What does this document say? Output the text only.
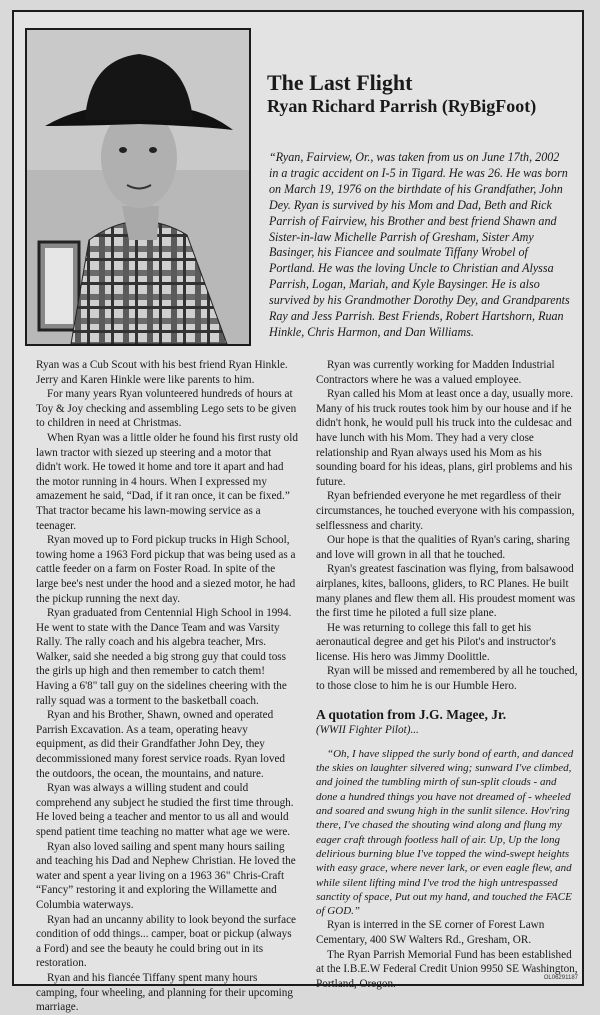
The Last Flight
Ryan Richard Parrish (RyBigFoot)

“Ryan, Fairview, Or., was taken from us on June 17th, 2002 in a tragic accident on I-5 in Tigard. He was 26. He was born on March 19, 1976 on the birthdate of his Grandfather, John Dey. Ryan is survived by his Mom and Dad, Beth and Rick Parrish of Fairview, his Brother and best friend Shawn and Sister-in-law Michelle Parrish of Gresham, Sister Amy Basinger, his Fiancee and soulmate Tiffany Wrobel of Portland. He was the loving Uncle to Christian and Alyssa Parrish, Logan, Mariah, and Kyle Baysinger. He is also survived by his Grandmother Dorothy Dey, and Grandparents Ray and Jess Parrish. Best Friends, Robert Hartshorn, Ruan Hinkle, Chris Harmon, and Dan Williams.

Ryan was a Cub Scout with his best friend Ryan Hinkle. Jerry and Karen Hinkle were like parents to him.

For many years Ryan volunteered hundreds of hours at Toy & Joy checking and assembling Lego sets to be given to children in need at Christmas.

When Ryan was a little older he found his first rusty old lawn tractor with siezed up steering and a motor that didn't work. He towed it home and tore it apart and had the motor running in 4 hours. When I expressed my amazement he said, “Dad, if it ran once, it can be fixed.” That tractor became his lawn-mowing service as a teenager.

Ryan moved up to Ford pickup trucks in High School, towing home a 1963 Ford pickup that was being used as a cattle feeder on a farm on Foster Road. In spite of the large bee's nest under the hood and a siezed motor, he had the pickup running the next day.

Ryan graduated from Centennial High School in 1994. He went to state with the Dance Team and was Varsity Rally. The rally coach and his algebra teacher, Mrs. Walker, said she needed a big strong guy that could toss the girls up high and then remember to catch them! Having a 6'8" tall guy on the sidelines cheering with the rally squad was a torment to the basketball coach.

Ryan and his Brother, Shawn, owned and operated Parrish Excavation. As a team, operating heavy equipment, as did their Grandfather John Dey, they decommissioned many forest service roads. Ryan loved the outdoors, the ocean, the mountains, and nature.

Ryan was always a willing student and could comprehend any subject he studied the first time through. He loved being a teacher and mentor to us all and would spend patient time teaching no matter what age we were.

Ryan also loved sailing and spent many hours sailing and teaching his Dad and Nephew Christian. He loved the water and spent a year living on a 1963 36" Chris-Craft “Fancy” restoring it and exploring the Willamette and Columbia waterways.

Ryan had an uncanny ability to look beyond the surface condition of odd things... camper, boat or pickup (always a Ford) and see the beauty he could bring out in its restoration.

Ryan and his fiancée Tiffany spent many hours camping, four wheeling, and planning for their upcoming marriage.

Ryan was currently working for Madden Industrial Contractors where he was a valued employee.

Ryan called his Mom at least once a day, usually more. Many of his truck routes took him by our house and if he didn't honk, he would pull his truck into the culdesac and have lunch with his Mom. They had a very close relationship and Ryan always used his Mom as his sounding board for his ideas, plans, girl problems and his future.

Ryan befriended everyone he met regardless of their circumstances, he touched everyone with his compassion, selflessness and charity.

Our hope is that the qualities of Ryan's caring, sharing and love will grown in all that he touched.

Ryan's greatest fascination was flying, from balsawood airplanes, kites, balloons, gliders, to RC Planes. He built many planes and flew them all. His proudest moment was the first time he piloted a full size plane.

He was returning to college this fall to get his aeronautical degree and get his Pilot's and instructor's license. His hero was Jimmy Doolittle.

Ryan will be missed and remembered by all he touched, to those close to him he is our Humble Hero.

A quotation from J.G. Magee, Jr.
(WWII Fighter Pilot)...

“Oh, I have slipped the surly bond of earth, and danced the skies on laughter silvered wing; sunward I've climbed, and joined the tumbling mirth of sun-split clouds - and done a hundred things you have not dreamed of - wheeled and soared and swung high in the sunlit silence. Hov'ring there, I've chased the shouting wind along and flung my eager craft through footless hall of air. Up, Up the long delirious burning blue I've topped the wind-swept heights with easy grace, where never lark, or even eagle flew, and while silent lifting mind I've trod the high untrespassed sanctity of space, Put out my hand, and touched the FACE of GOD.”

Ryan is interred in the SE corner of Forest Lawn Cementary, 400 SW Walters Rd., Gresham, OR.

The Ryan Parrish Memorial Fund has been established at the I.B.E.W Federal Credit Union 9950 SE Washington, Portland, Oregon.	OL06291187
